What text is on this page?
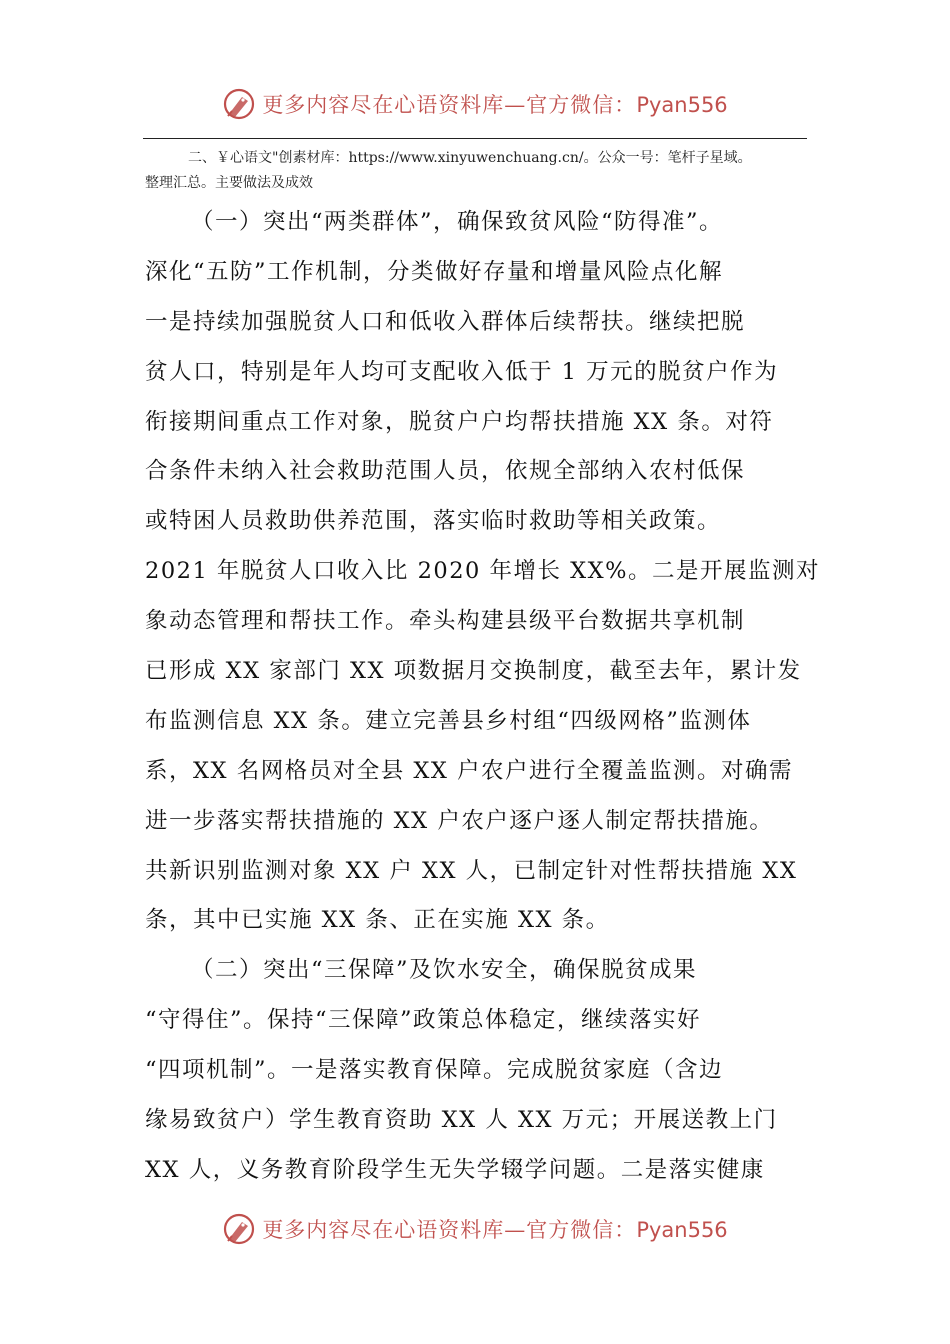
更多内容尽在心语资料库—官方微信：Pyan556
二、￥心语文"创素材库：https://www.xinyuwenchuang.cn/。公众一号：笔杆子星域。
整理汇总。主要做法及成效
（一）突出“两类群体”，确保致贫风险“防得准”。
深化“五防”工作机制，分类做好存量和增量风险点化解
一是持续加强脱贫人口和低收入群体后续帮扶。继续把脱
贫人口，特别是年人均可支配收入低于 1 万元的脱贫户作为
衔接期间重点工作对象，脱贫户户均帮扶措施 XX 条。对符
合条件未纳入社会救助范围人员，依规全部纳入农村低保
或特困人员救助供养范围，落实临时救助等相关政策。
2021 年脱贫人口收入比 2020 年增长 XX%。二是开展监测对
象动态管理和帮扶工作。牵头构建县级平台数据共享机制
已形成 XX 家部门 XX 项数据月交换制度，截至去年，累计发
布监测信息 XX 条。建立完善县乡村组“四级网格”监测体
系，XX 名网格员对全县 XX 户农户进行全覆盖监测。对确需
进一步落实帮扶措施的 XX 户农户逐户逐人制定帮扶措施。
共新识别监测对象 XX 户 XX 人，已制定针对性帮扶措施 XX
条，其中已实施 XX 条、正在实施 XX 条。
（二）突出“三保障”及饮水安全，确保脱贫成果
“守得住”。保持“三保障”政策总体稳定，继续落实好
“四项机制”。一是落实教育保障。完成脱贫家庭（含边
缘易致贫户）学生教育资助 XX 人 XX 万元；开展送教上门
XX 人，义务教育阶段学生无失学辍学问题。二是落实健康
更多内容尽在心语资料库—官方微信：Pyan556
